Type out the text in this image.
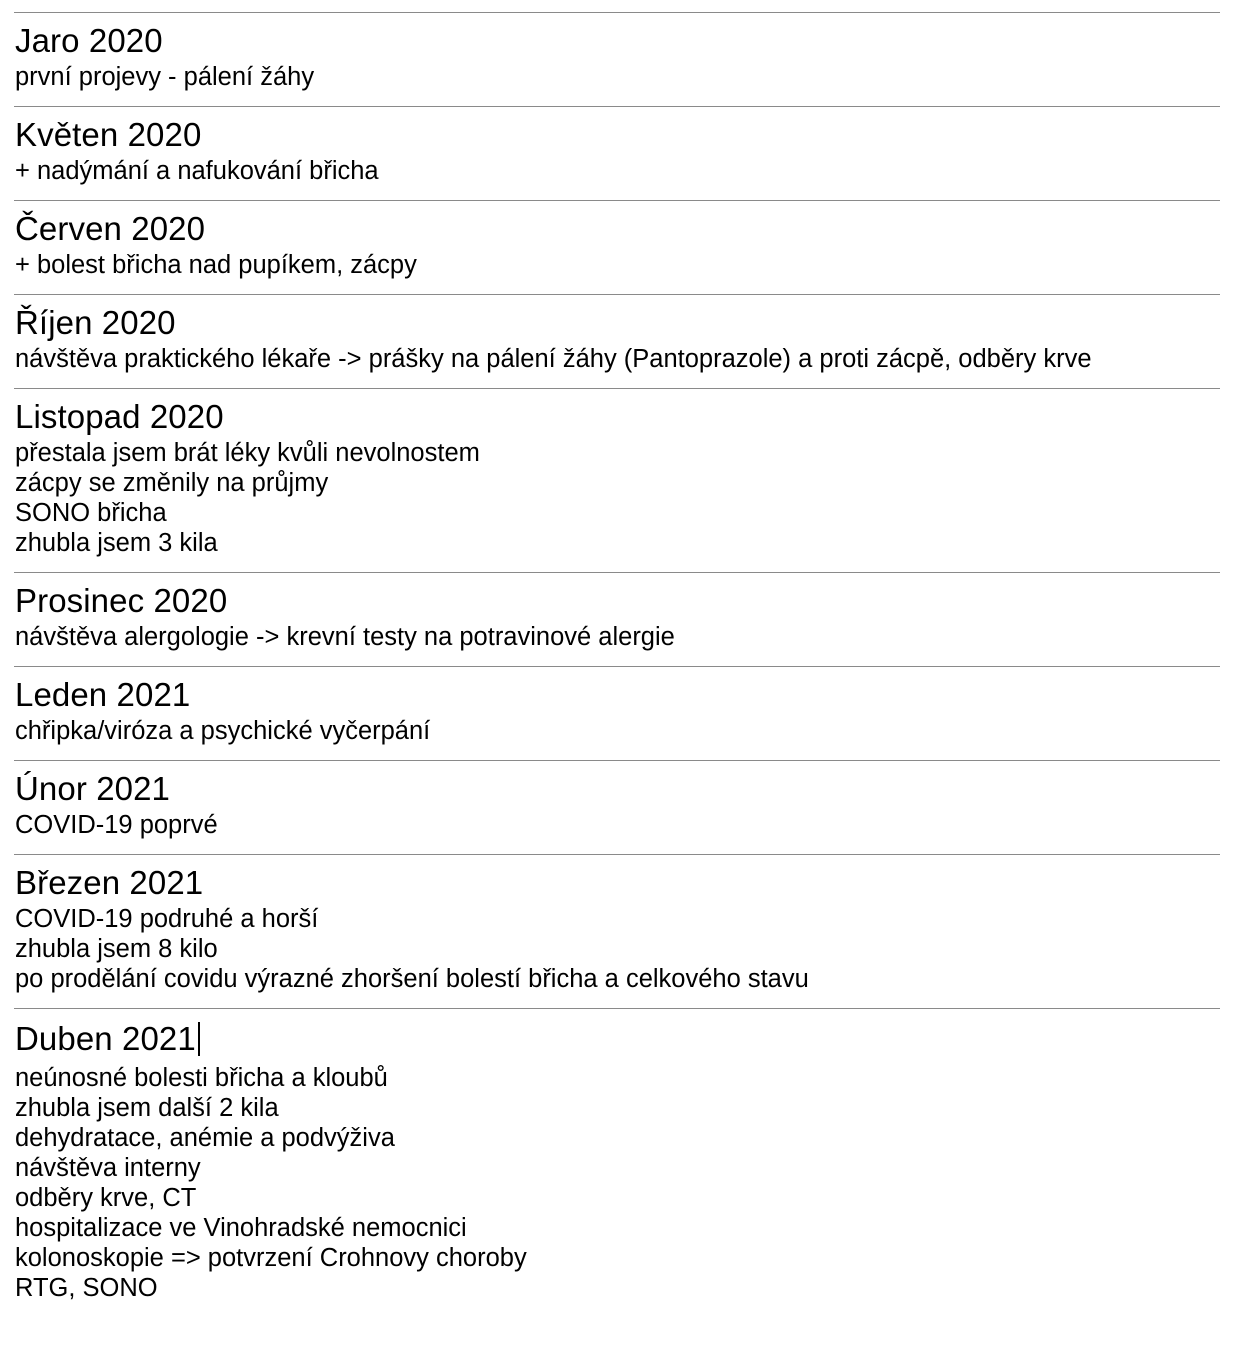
Jaro 2020
první projevy - pálení žáhy
Květen 2020
+ nadýmání a nafukování břicha
Červen 2020
+ bolest břicha nad pupíkem, zácpy
Říjen 2020
návštěva praktického lékaře -> prášky na pálení žáhy (Pantoprazole) a proti zácpě, odběry krve
Listopad 2020
přestala jsem brát léky kvůli nevolnostem
zácpy se změnily na průjmy
SONO břicha
zhubla jsem 3 kila
Prosinec 2020
návštěva alergologie -> krevní testy na potravinové alergie
Leden 2021
chřipka/viróza a psychické vyčerpání
Únor 2021
COVID-19 poprvé
Březen 2021
COVID-19 podruhé a horší
zhubla jsem 8 kilo
po prodělání covidu výrazné zhoršení bolestí břicha a celkového stavu
Duben 2021
neúnosné bolesti břicha a kloubů
zhubla jsem další 2 kila
dehydratace, anémie a podvýživa
návštěva interny
odběry krve, CT
hospitalizace ve Vinohradské nemocnici
kolonoskopie => potvrzení Crohnovy choroby
RTG, SONO
